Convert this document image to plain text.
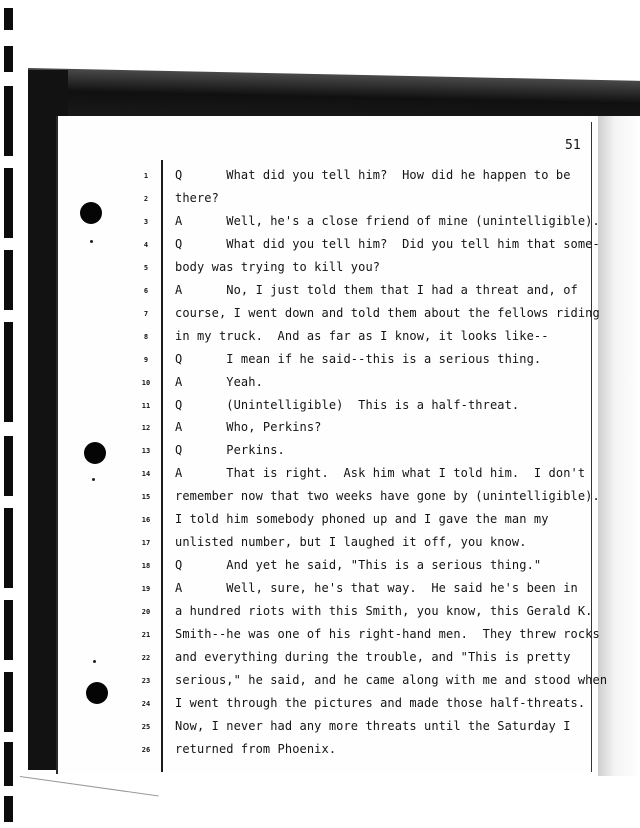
51
1
2
3
4
5
6
7
8
9
10
11
12
13
14
15
16
17
18
19
20
21
22
23
24
25
26
Q      What did you tell him?  How did he happen to be
there?
A      Well, he's a close friend of mine (unintelligible).
Q      What did you tell him?  Did you tell him that some-
body was trying to kill you?
A      No, I just told them that I had a threat and, of
course, I went down and told them about the fellows riding
in my truck.  And as far as I know, it looks like--
Q      I mean if he said--this is a serious thing.
A      Yeah.
Q      (Unintelligible)  This is a half-threat.
A      Who, Perkins?
Q      Perkins.
A      That is right.  Ask him what I told him.  I don't
remember now that two weeks have gone by (unintelligible).
I told him somebody phoned up and I gave the man my
unlisted number, but I laughed it off, you know.
Q      And yet he said, "This is a serious thing."
A      Well, sure, he's that way.  He said he's been in
a hundred riots with this Smith, you know, this Gerald K.
Smith--he was one of his right-hand men.  They threw rocks
and everything during the trouble, and "This is pretty
serious," he said, and he came along with me and stood when
I went through the pictures and made those half-threats.
Now, I never had any more threats until the Saturday I
returned from Phoenix.
